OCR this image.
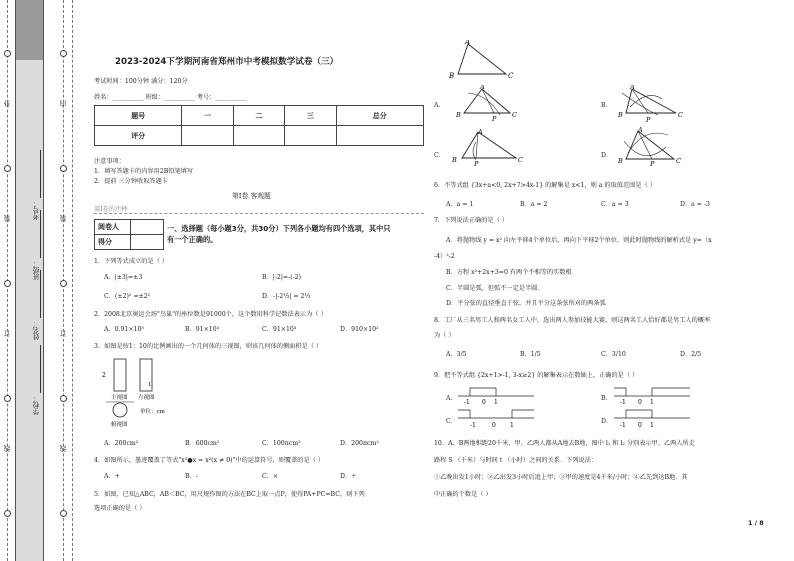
外
装
订
线
内
装
订
线
学校：
姓名：
班级：
考号：
2023-2024下学期河南省郑州市中考模拟数学试卷（三）
考试时间：100分钟 满分：120分
姓名：__________ 班级：__________ 考号：__________
题号	一	二	三	总分
评分				
注意事项：
1．填写答题卡的内容用2B铅笔填写
2．提前 三分钟收取答题卡
第Ⅰ卷 客观题
第Ⅰ卷的注释
阅卷人	
得分	
一、选择题（每小题3分，共30分）下列各小题均有四个选项，其中只
有一个正确的。
1．下列等式成立的是（ ）
A．|±3|=±3	B．|-2|=-(-2)
C．(±2)² =±2²	D．-|-2⅓| = 2⅓
2．2008北京奥运会场"鸟巢"的座位数是91000个，这个数用科学记数法表示为（ ）
A．0.91×10⁵	B．91×10³	C．91×10³	D．910×10²
3．如图是按1：10的比例画出的一个几何体的三视图，则该几何体的侧面积是（ ）
2
1
主视图 左视图
单位：cm
俯视图
A．200cm²	B．600cm²	C．100πcm²	D．200πcm²
4．如图所示，墨迹覆盖了等式"x³●x = x²(x ≠ 0)"中的运算符号，则覆盖的是（ ）
A．+	B．-	C．×	D．÷
5．如图，已知△ABC，AB＜BC，用尺规作图的方法在BC上取一点P，使得PA+PC=BC，则下列
选项正确的是（ ）
A
B	C
A．
A
B	P C
B．
A
B
P
C
C．
A
B	P	C
D．
A
B	P	C
6．不等式组 {3x+a<0, 2x+7>4x-1} 的解集是 x<1，则 a 的取值范围是（ ）
A．a = 1	B．a = 2	C．a = 3	D．a = -3
7．下列说法正确的是（ ）
A．将抛物线 y = x² 向左平移4个单位后，再向下平移2个单位，则此时抛物线的解析式是 y=（x
-4）²-2
B．方程 x²+2x+3=0 有两个不相等的实数根
C．半圆是弧，但弧不一定是半圆．
D．平分弦的直径垂直于弦，并且平分这条弦所对的两条弧
8．工厂从三名男工人和两名女工人中，选出两人参加技能大赛，则这两名工人恰好都是男工人的概率
为（ ）
A．3/5	B．1/5	C．3/10	D．2/5
9．把不等式组 {2x+1>-1, 3-x≥2} 的解集表示在数轴上，正确的是（ ）
A．
-1 0 1
B．
-1 0 1
C．
-1	0 1
D．
-1 0 1
10．A、B两地相距20千米，甲、乙两人都从A地去B地，图中 l₁ 和 l₂ 分别表示甲、乙两人所走
路程 S （千米）与时间 t （小时）之间的关系．下列说法：
①乙晚出发1小时；②乙出发3小时后追上甲；③甲的速度是4千米/小时；④乙先到达B地．其
中正确的个数是（ ）
1 / 8
